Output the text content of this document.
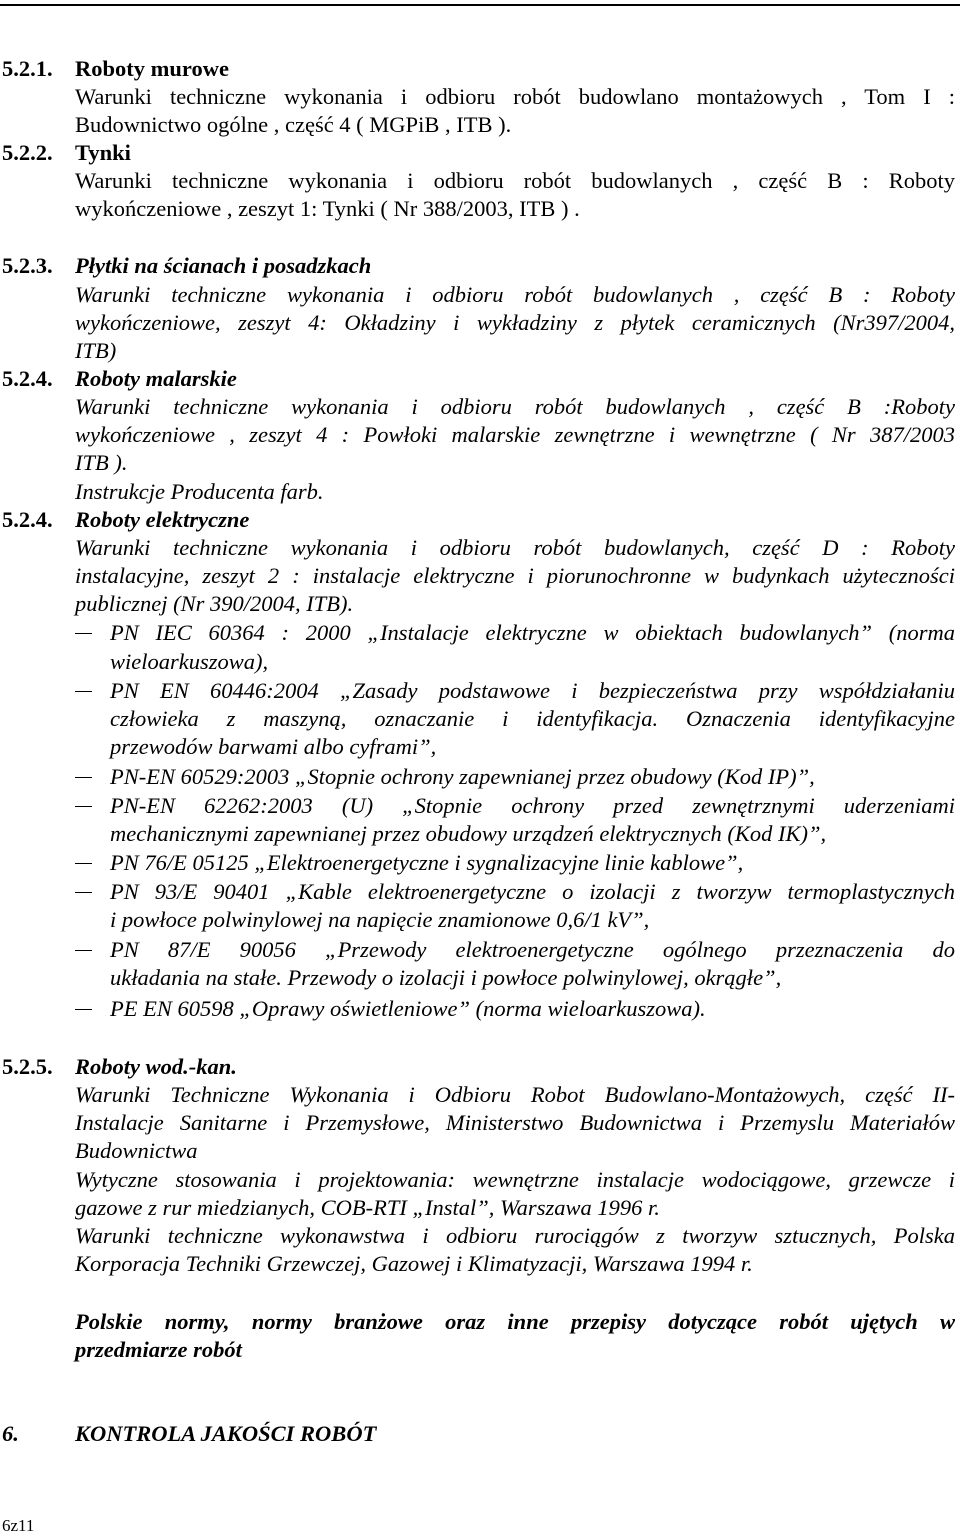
5.2.1. Roboty murowe
Warunki techniczne wykonania i odbioru robót budowlano montażowych , Tom I :
Budownictwo ogólne , część 4 ( MGPiB , ITB ).
5.2.2. Tynki
Warunki techniczne wykonania i odbioru robót budowlanych , część B : Roboty
wykończeniowe , zeszyt 1: Tynki ( Nr 388/2003, ITB ) .
5.2.3. Płytki na ścianach i posadzkach
Warunki techniczne wykonania i odbioru robót budowlanych , część B : Roboty
wykończeniowe, zeszyt 4: Okładziny i wykładziny z płytek ceramicznych (Nr397/2004,
ITB)
5.2.4. Roboty malarskie
Warunki techniczne wykonania i odbioru robót budowlanych , część B :Roboty
wykończeniowe , zeszyt 4 : Powłoki malarskie zewnętrzne i wewnętrzne ( Nr 387/2003
ITB ).
Instrukcje Producenta farb.
5.2.4. Roboty elektryczne
Warunki techniczne wykonania i odbioru robót budowlanych, część D : Roboty
instalacyjne, zeszyt 2 : instalacje elektryczne i piorunochronne w budynkach użyteczności
publicznej (Nr 390/2004, ITB).
PN IEC 60364 : 2000 „Instalacje elektryczne w obiektach budowlanych” (norma
wieloarkuszowa),
PN EN 60446:2004 „Zasady podstawowe i bezpieczeństwa przy współdziałaniu
człowieka z maszyną, oznaczanie i identyfikacja. Oznaczenia identyfikacyjne
przewodów barwami albo cyframi”,
PN-EN 60529:2003 „Stopnie ochrony zapewnianej przez obudowy (Kod IP)”,
PN-EN 62262:2003 (U) „Stopnie ochrony przed zewnętrznymi uderzeniami
mechanicznymi zapewnianej przez obudowy urządzeń elektrycznych (Kod IK)”,
PN 76/E 05125 „Elektroenergetyczne i sygnalizacyjne linie kablowe”,
PN 93/E 90401 „Kable elektroenergetyczne o izolacji z tworzyw termoplastycznych
i powłoce polwinylowej na napięcie znamionowe 0,6/1 kV”,
PN 87/E 90056 „Przewody elektroenergetyczne ogólnego przeznaczenia do
układania na stałe. Przewody o izolacji i powłoce polwinylowej, okrągłe”,
PE EN 60598 „Oprawy oświetleniowe” (norma wieloarkuszowa).
5.2.5. Roboty wod.-kan.
Warunki Techniczne Wykonania i Odbioru Robot Budowlano-Montażowych, część II-
Instalacje Sanitarne i Przemysłowe, Ministerstwo Budownictwa i Przemyslu Materiałów
Budownictwa
Wytyczne stosowania i projektowania: wewnętrzne instalacje wodociągowe, grzewcze i
gazowe z rur miedzianych, COB-RTI „Instal”, Warszawa 1996 r.
Warunki techniczne wykonawstwa i odbioru rurociągów z tworzyw sztucznych, Polska
Korporacja Techniki Grzewczej, Gazowej i Klimatyzacji, Warszawa 1994 r.
Polskie normy, normy branżowe oraz inne przepisy dotyczące robót ujętych w
przedmiarze robót
6. KONTROLA JAKOŚCI ROBÓT
6z11
